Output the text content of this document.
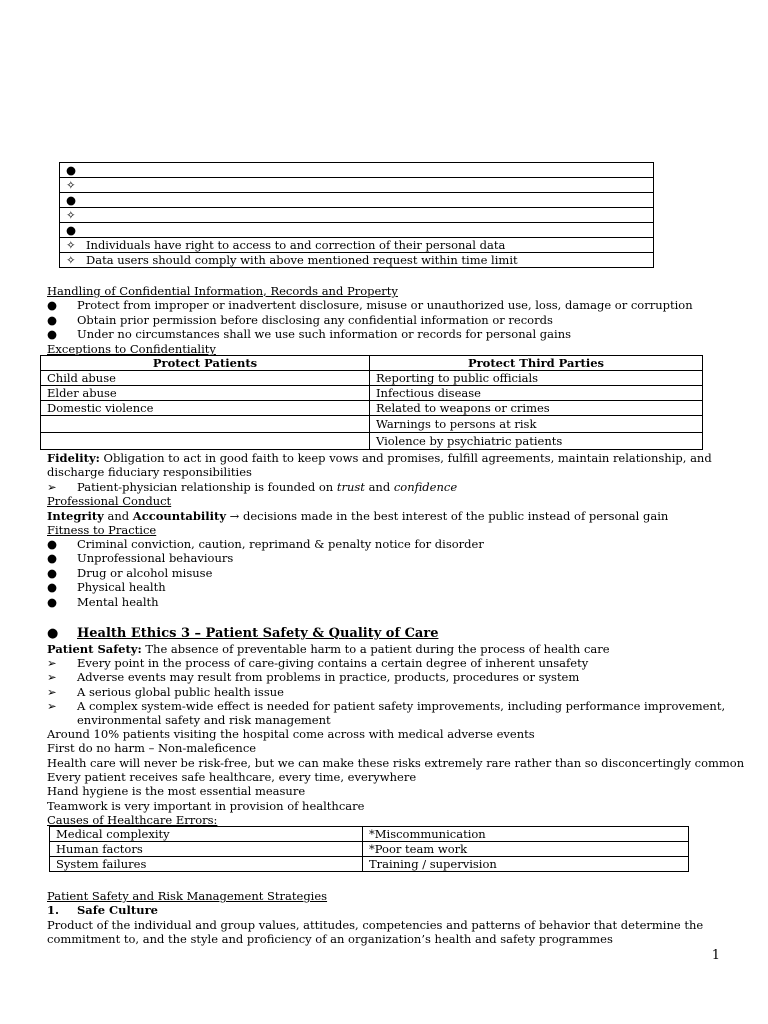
●
✧
●
✧
●
✧ Individuals have right to access to and correction of their personal data
✧ Data users should comply with above mentioned request within time limit
Handling of Confidential Information, Records and Property
● Protect from improper or inadvertent disclosure, misuse or unauthorized use, loss, damage or corruption
● Obtain prior permission before disclosing any confidential information or records
● Under no circumstances shall we use such information or records for personal gains
Exceptions to Confidentiality
Protect Patients	Protect Third Parties
Child abuse	Reporting to public officials
Elder abuse	Infectious disease
Domestic violence	Related to weapons or crimes
	Warnings to persons at risk
	Violence by psychiatric patients
Fidelity: Obligation to act in good faith to keep vows and promises, fulfill agreements, maintain relationship, and
discharge fiduciary responsibilities
➢ Patient-physician relationship is founded on trust and confidence
Professional Conduct
Integrity and Accountability → decisions made in the best interest of the public instead of personal gain
Fitness to Practice
● Criminal conviction, caution, reprimand & penalty notice for disorder
● Unprofessional behaviours
● Drug or alcohol misuse
● Physical health
● Mental health
● Health Ethics 3 – Patient Safety & Quality of Care
Patient Safety: The absence of preventable harm to a patient during the process of health care
➢ Every point in the process of care-giving contains a certain degree of inherent unsafety
➢ Adverse events may result from problems in practice, products, procedures or system
➢ A serious global public health issue
➢ A complex system-wide effect is needed for patient safety improvements, including performance improvement,
environmental safety and risk management
Around 10% patients visiting the hospital come across with medical adverse events
First do no harm – Non-maleficence
Health care will never be risk-free, but we can make these risks extremely rare rather than so disconcertingly common
Every patient receives safe healthcare, every time, everywhere
Hand hygiene is the most essential measure
Teamwork is very important in provision of healthcare
Causes of Healthcare Errors:
Medical complexity	*Miscommunication
Human factors	*Poor team work
System failures	Training / supervision
Patient Safety and Risk Management Strategies
1. Safe Culture
Product of the individual and group values, attitudes, competencies and patterns of behavior that determine the
commitment to, and the style and proficiency of an organization’s health and safety programmes
1
